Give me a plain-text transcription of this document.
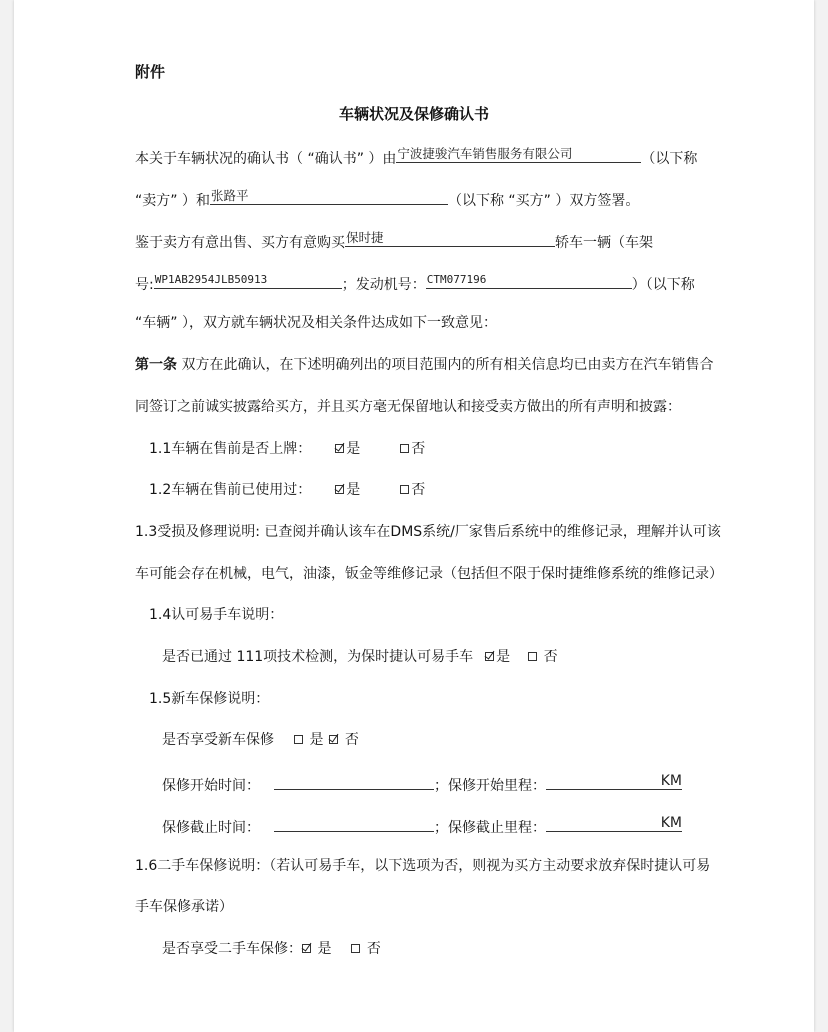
附件
车辆状况及保修确认书
本关于车辆状况的确认书（ “确认书” ）由宁波捷骏汽车销售服务有限公司	（以下称
“卖方” ）和张路平	（以下称 “买方” ）双方签署。
鉴于卖方有意出售、买方有意购买保时捷	轿车一辆（车架
号:WP1AB2954JLB50913	；发动机号：CTM077196	）（以下称
“车辆” ），双方就车辆状况及相关条件达成如下一致意见：
第一条 双方在此确认，在下述明确列出的项目范围内的所有相关信息均已由卖方在汽车销售合
同签订之前诚实披露给买方，并且买方毫无保留地认和接受卖方做出的所有声明和披露：
1.1车辆在售前是否上牌：	是	否
1.2车辆在售前已使用过：	是	否
1.3受损及修理说明: 已查阅并确认该车在DMS系统/厂家售后系统中的维修记录，理解并认可该
车可能会存在机械，电气，油漆，钣金等维修记录（包括但不限于保时捷维修系统的维修记录）
1.4认可易手车说明：
是否已通过 111项技术检测，为保时捷认可易手车 是 否
1.5新车保修说明：
是否享受新车保修	是 否
保修开始时间：	；保修开始里程：	KM
保修截止时间：	；保修截止里程：	KM
1.6二手车保修说明：（若认可易手车，以下选项为否，则视为买方主动要求放弃保时捷认可易
手车保修承诺）
是否享受二手车保修： 是	否
